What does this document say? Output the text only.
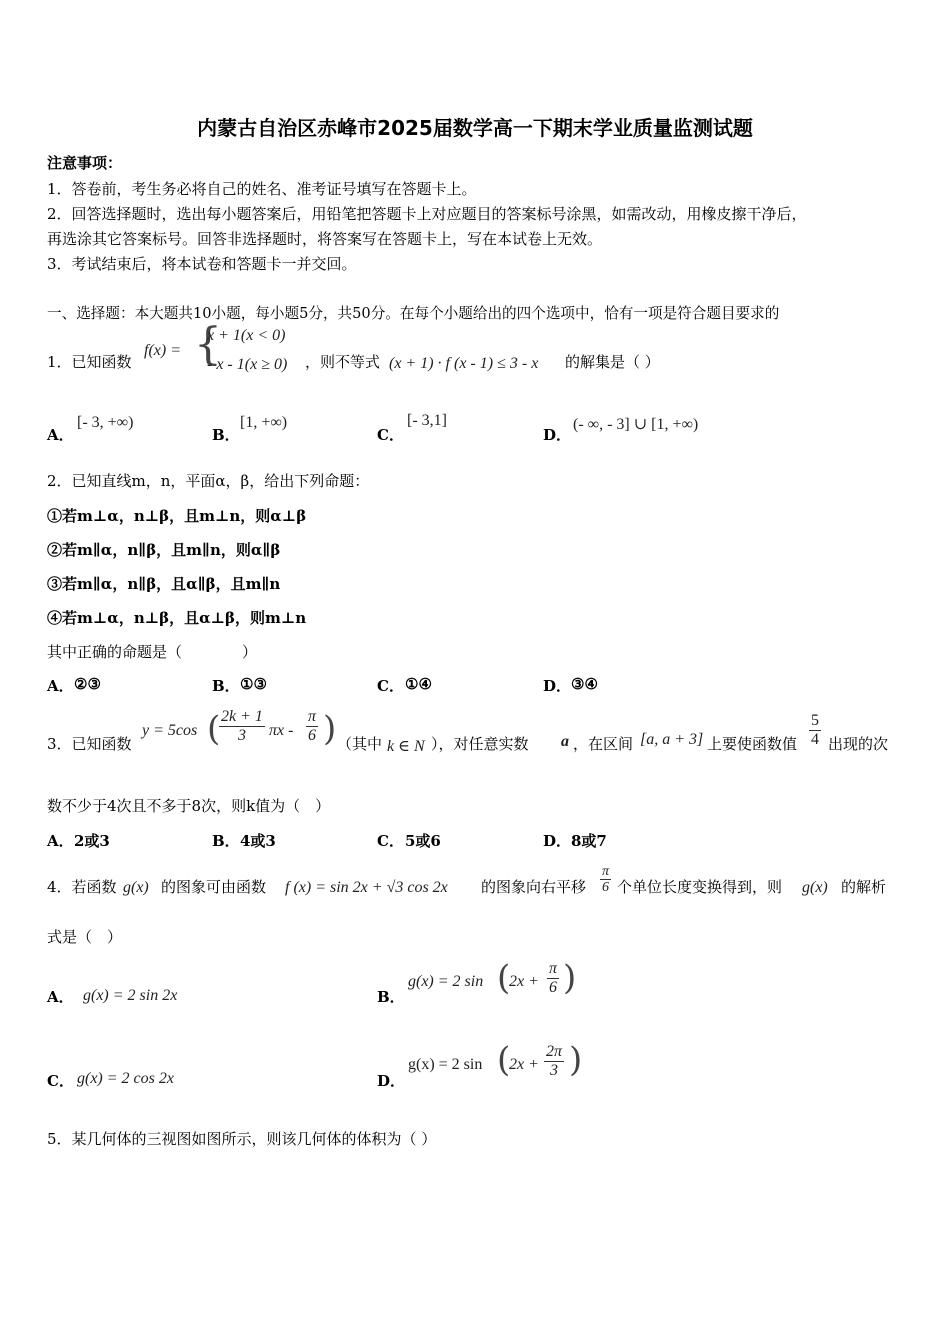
内蒙古自治区赤峰市2025届数学高一下期末学业质量监测试题
注意事项：
1．答卷前，考生务必将自己的姓名、准考证号填写在答题卡上。
2．回答选择题时，选出每小题答案后，用铅笔把答题卡上对应题目的答案标号涂黑，如需改动，用橡皮擦干净后，
再选涂其它答案标号。回答非选择题时，将答案写在答题卡上，写在本试卷上无效。
3．考试结束后，将本试卷和答题卡一并交回。
一、选择题：本大题共10小题，每小题5分，共50分。在每个小题给出的四个选项中，恰有一项是符合题目要求的
1．已知函数
f(x) = {
x + 1(x < 0)
- x - 1(x ≥ 0) ，则不等式 (x + 1) · f (x - 1) ≤ 3 - x 的解集是（ ）
A．
[- 3, +∞)
B．
[1, +∞)
C．
[- 3,1]
D．
(- ∞, - 3] ∪ [1, +∞)
2．已知直线m，n，平面α，β，给出下列命题：
①若m⊥α，n⊥β，且m⊥n，则α⊥β
②若m∥α，n∥β，且m∥n，则α∥β
③若m∥α，n∥β，且α∥β，且m∥n
④若m⊥α，n⊥β，且α⊥β，则m⊥n
其中正确的命题是（　　　　）
A． ②③	B． ①③	C． ①④	D． ③④
3．已知函数
y = 5cos (
$\frac{2k + 1}{3}$ πx - $\frac{\pi}{6}$ ) （其中 k ∈ N ），对任意实数 a ，在区间 [a, a + 3] 上要使函数值 $\frac{5}{4}$ 出现的次
数不少于4次且不多于8次，则k值为（　）
A． 2或3	B． 4或3	C． 5或6	D． 8或7
4．若函数 g(x) 的图象可由函数 f (x) = sin 2x + √3 cos 2x 的图象向右平移 $\frac{\pi}{6}$ 个单位长度变换得到，则 g(x) 的解析
式是（　）
A． g(x) = 2 sin 2x	B．
g(x) = 2 sin (
$2x + \frac{\pi}{6}$ )
C． g(x) = 2 cos 2x	D．
g(x) = 2 sin (
$2x + \frac{2\pi}{3}$ )
5．某几何体的三视图如图所示，则该几何体的体积为（ ）
